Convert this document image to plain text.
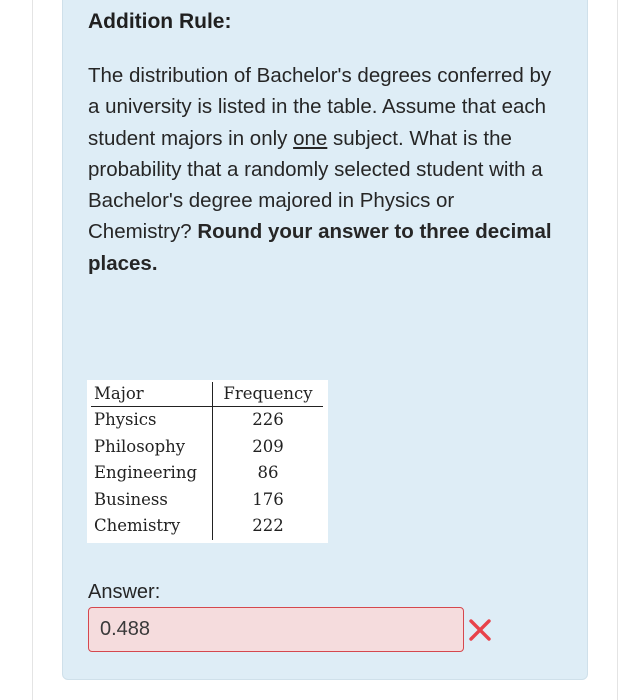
Addition Rule:

The distribution of Bachelor's degrees conferred by a university is listed in the table. Assume that each student majors in only one subject. What is the probability that a randomly selected student with a Bachelor's degree majored in Physics or Chemistry? Round your answer to three decimal places.

Major	Frequency
Physics	226
Philosophy	209
Engineering	86
Business	176
Chemistry	222

Answer:

0.488
